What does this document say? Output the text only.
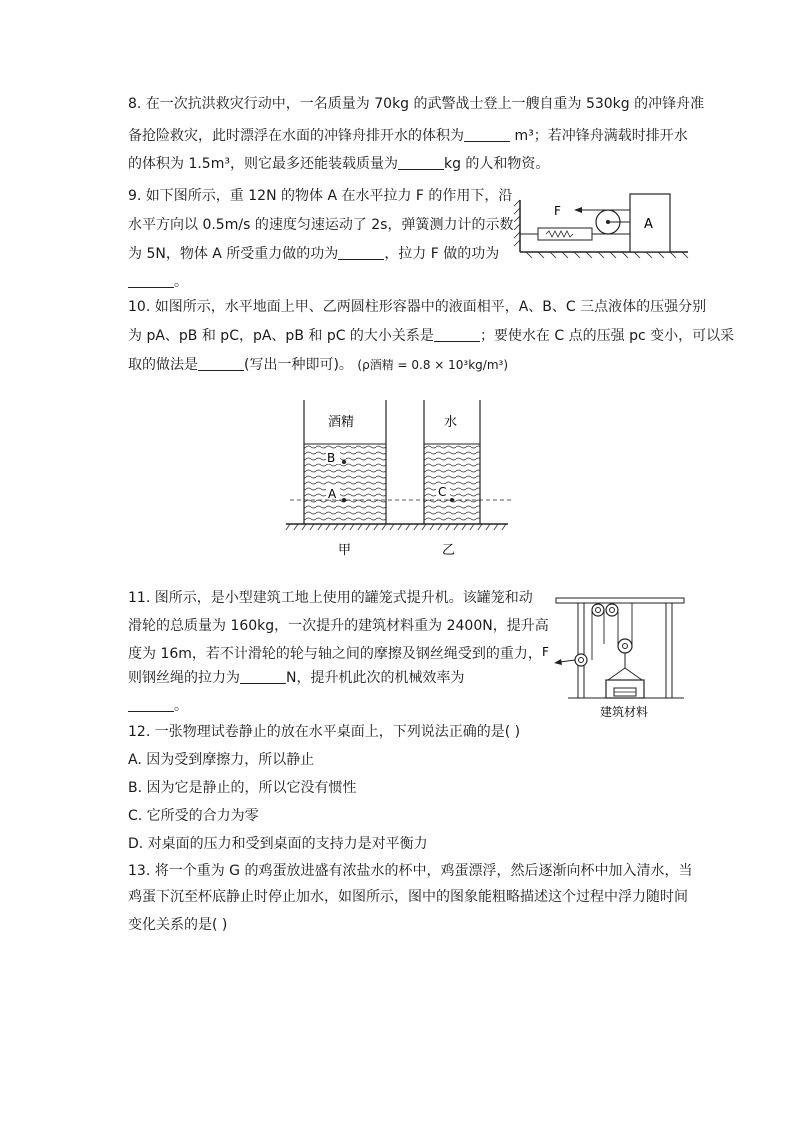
8. 在一次抗洪救灾行动中，一名质量为 70kg 的武警战士登上一艘自重为 530kg 的冲锋舟准
备抢险救灾，此时漂浮在水面的冲锋舟排开水的体积为	m³；若冲锋舟满载时排开水
的体积为 1.5m³，则它最多还能装载质量为	kg 的人和物资。
9. 如下图所示，重 12N 的物体 A 在水平拉力 F 的作用下，沿
水平方向以 0.5m/s 的速度匀速运动了 2s，弹簧测力计的示数
为 5N，物体 A 所受重力做的功为	，拉力 F 做的功为
。
F
A
10. 如图所示，水平地面上甲、乙两圆柱形容器中的液面相平，A、B、C 三点液体的压强分别
为 pA、pB 和 pC，pA、pB 和 pC 的大小关系是	；要使水在 C 点的压强 pc 变小，可以采
取的做法是	(写出一种即可)。 (ρ酒精 = 0.8 × 10³kg/m³)
酒精	水
B
A	C
甲	乙
11. 图所示，是小型建筑工地上使用的罐笼式提升机。该罐笼和动
滑轮的总质量为 160kg，一次提升的建筑材料重为 2400N，提升高
度为 16m，若不计滑轮的轮与轴之间的摩擦及钢丝绳受到的重力，
则钢丝绳的拉力为	N，提升机此次的机械效率为
。
F
建筑材料
12. 一张物理试卷静止的放在水平桌面上，下列说法正确的是( )
A. 因为受到摩擦力，所以静止
B. 因为它是静止的，所以它没有惯性
C. 它所受的合力为零
D. 对桌面的压力和受到桌面的支持力是对平衡力
13. 将一个重为 G 的鸡蛋放进盛有浓盐水的杯中，鸡蛋漂浮，然后逐渐向杯中加入清水，当
鸡蛋下沉至杯底静止时停止加水，如图所示，图中的图象能粗略描述这个过程中浮力随时间
变化关系的是( )
